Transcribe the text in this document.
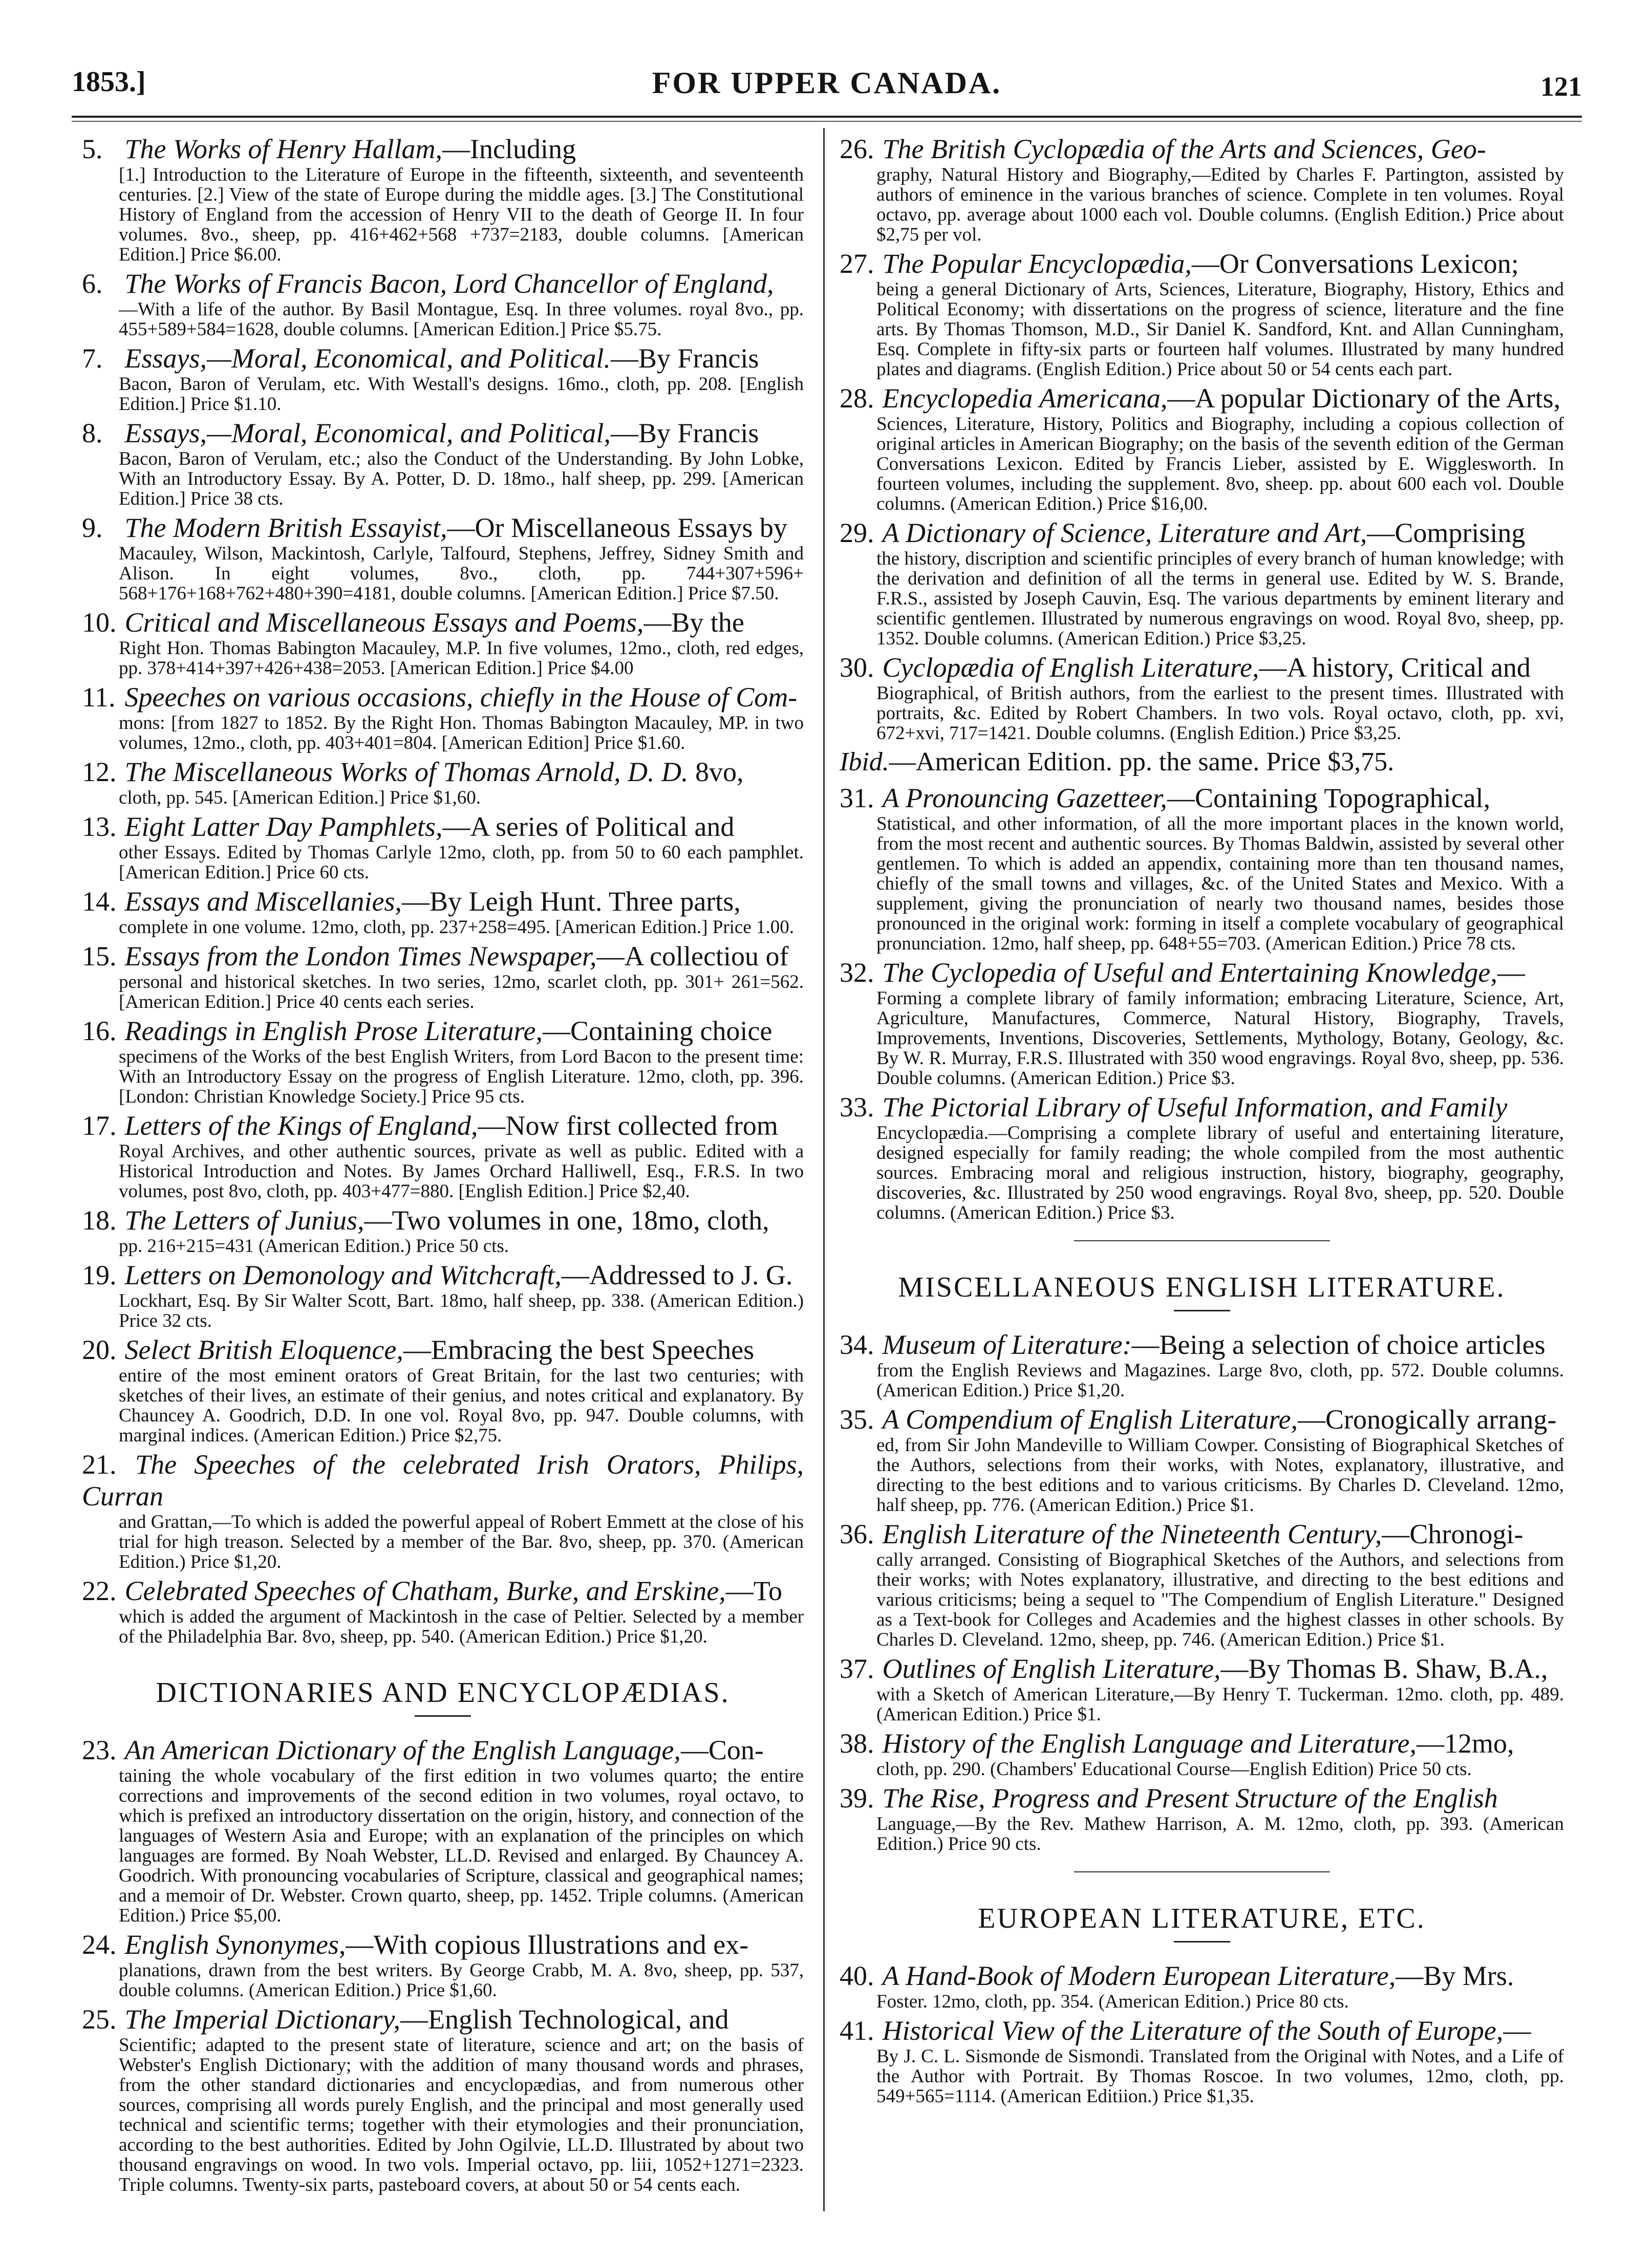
1853.]	FOR UPPER CANADA.	121
5. The Works of Henry Hallam,—Including
[1.] Introduction to the Literature of Europe in the fifteenth, sixteenth, and seventeenth centuries. [2.] View of the state of Europe during the middle ages. [3.] The Constitutional History of England from the accession of Henry VII to the death of George II. In four volumes. 8vo., sheep, pp. 416+462+568 +737=2183, double columns. [American Edition.] Price $6.00.
6. The Works of Francis Bacon, Lord Chancellor of England,
—With a life of the author. By Basil Montague, Esq. In three volumes. royal 8vo., pp. 455+589+584=1628, double columns. [American Edition.] Price $5.75.
7. Essays,—Moral, Economical, and Political.—By Francis
Bacon, Baron of Verulam, etc. With Westall's designs. 16mo., cloth, pp. 208. [English Edition.] Price $1.10.
8. Essays,—Moral, Economical, and Political,—By Francis
Bacon, Baron of Verulam, etc.; also the Conduct of the Understanding. By John Lobke, With an Introductory Essay. By A. Potter, D. D. 18mo., half sheep, pp. 299. [American Edition.] Price 38 cts.
9. The Modern British Essayist,—Or Miscellaneous Essays by
Macauley, Wilson, Mackintosh, Carlyle, Talfourd, Stephens, Jeffrey, Sidney Smith and Alison. In eight volumes, 8vo., cloth, pp. 744+307+596+ 568+176+168+762+480+390=4181, double columns. [American Edition.] Price $7.50.
10. Critical and Miscellaneous Essays and Poems,—By the
Right Hon. Thomas Babington Macauley, M.P. In five volumes, 12mo., cloth, red edges, pp. 378+414+397+426+438=2053. [American Edition.] Price $4.00
11. Speeches on various occasions, chiefly in the House of Com-
mons: [from 1827 to 1852. By the Right Hon. Thomas Babington Macauley, MP. in two volumes, 12mo., cloth, pp. 403+401=804. [American Edition] Price $1.60.
12. The Miscellaneous Works of Thomas Arnold, D. D. 8vo,
cloth, pp. 545. [American Edition.] Price $1,60.
13. Eight Latter Day Pamphlets,—A series of Political and
other Essays. Edited by Thomas Carlyle 12mo, cloth, pp. from 50 to 60 each pamphlet. [American Edition.] Price 60 cts.
14. Essays and Miscellanies,—By Leigh Hunt. Three parts,
complete in one volume. 12mo, cloth, pp. 237+258=495. [American Edition.] Price 1.00.
15. Essays from the London Times Newspaper,—A collectiou of
personal and historical sketches. In two series, 12mo, scarlet cloth, pp. 301+ 261=562. [American Edition.] Price 40 cents each series.
16. Readings in English Prose Literature,—Containing choice
specimens of the Works of the best English Writers, from Lord Bacon to the present time: With an Introductory Essay on the progress of English Literature. 12mo, cloth, pp. 396. [London: Christian Knowledge Society.] Price 95 cts.
17. Letters of the Kings of England,—Now first collected from
Royal Archives, and other authentic sources, private as well as public. Edited with a Historical Introduction and Notes. By James Orchard Halliwell, Esq., F.R.S. In two volumes, post 8vo, cloth, pp. 403+477=880. [English Edition.] Price $2,40.
18. The Letters of Junius,—Two volumes in one, 18mo, cloth,
pp. 216+215=431 (American Edition.) Price 50 cts.
19. Letters on Demonology and Witchcraft,—Addressed to J. G.
Lockhart, Esq. By Sir Walter Scott, Bart. 18mo, half sheep, pp. 338. (American Edition.) Price 32 cts.
20. Select British Eloquence,—Embracing the best Speeches
entire of the most eminent orators of Great Britain, for the last two centuries; with sketches of their lives, an estimate of their genius, and notes critical and explanatory. By Chauncey A. Goodrich, D.D. In one vol. Royal 8vo, pp. 947. Double columns, with marginal indices. (American Edition.) Price $2,75.
21. The Speeches of the celebrated Irish Orators, Philips, Curran
and Grattan,—To which is added the powerful appeal of Robert Emmett at the close of his trial for high treason. Selected by a member of the Bar. 8vo, sheep, pp. 370. (American Edition.) Price $1,20.
22. Celebrated Speeches of Chatham, Burke, and Erskine,—To
which is added the argument of Mackintosh in the case of Peltier. Selected by a member of the Philadelphia Bar. 8vo, sheep, pp. 540. (American Edition.) Price $1,20.
DICTIONARIES AND ENCYCLOPÆDIAS.
23. An American Dictionary of the English Language,—Con-
taining the whole vocabulary of the first edition in two volumes quarto; the entire corrections and improvements of the second edition in two volumes, royal octavo, to which is prefixed an introductory dissertation on the origin, history, and connection of the languages of Western Asia and Europe; with an explanation of the principles on which languages are formed. By Noah Webster, LL.D. Revised and enlarged. By Chauncey A. Goodrich. With pronouncing vocabularies of Scripture, classical and geographical names; and a memoir of Dr. Webster. Crown quarto, sheep, pp. 1452. Triple columns. (American Edition.) Price $5,00.
24. English Synonymes,—With copious Illustrations and ex-
planations, drawn from the best writers. By George Crabb, M. A. 8vo, sheep, pp. 537, double columns. (American Edition.) Price $1,60.
25. The Imperial Dictionary,—English Technological, and
Scientific; adapted to the present state of literature, science and art; on the basis of Webster's English Dictionary; with the addition of many thousand words and phrases, from the other standard dictionaries and encyclopædias, and from numerous other sources, comprising all words purely English, and the principal and most generally used technical and scientific terms; together with their etymologies and their pronunciation, according to the best authorities. Edited by John Ogilvie, LL.D. Illustrated by about two thousand engravings on wood. In two vols. Imperial octavo, pp. liii, 1052+1271=2323. Triple columns. Twenty-six parts, pasteboard covers, at about 50 or 54 cents each.
26. The British Cyclopædia of the Arts and Sciences, Geo-
graphy, Natural History and Biography,—Edited by Charles F. Partington, assisted by authors of eminence in the various branches of science. Complete in ten volumes. Royal octavo, pp. average about 1000 each vol. Double columns. (English Edition.) Price about $2,75 per vol.
27. The Popular Encyclopædia,—Or Conversations Lexicon;
being a general Dictionary of Arts, Sciences, Literature, Biography, History, Ethics and Political Economy; with dissertations on the progress of science, literature and the fine arts. By Thomas Thomson, M.D., Sir Daniel K. Sandford, Knt. and Allan Cunningham, Esq. Complete in fifty-six parts or fourteen half volumes. Illustrated by many hundred plates and diagrams. (English Edition.) Price about 50 or 54 cents each part.
28. Encyclopedia Americana,—A popular Dictionary of the Arts,
Sciences, Literature, History, Politics and Biography, including a copious collection of original articles in American Biography; on the basis of the seventh edition of the German Conversations Lexicon. Edited by Francis Lieber, assisted by E. Wigglesworth. In fourteen volumes, including the supplement. 8vo, sheep. pp. about 600 each vol. Double columns. (American Edition.) Price $16,00.
29. A Dictionary of Science, Literature and Art,—Comprising
the history, discription and scientific principles of every branch of human knowledge; with the derivation and definition of all the terms in general use. Edited by W. S. Brande, F.R.S., assisted by Joseph Cauvin, Esq. The various departments by eminent literary and scientific gentlemen. Illustrated by numerous engravings on wood. Royal 8vo, sheep, pp. 1352. Double columns. (American Edition.) Price $3,25.
30. Cyclopædia of English Literature,—A history, Critical and
Biographical, of British authors, from the earliest to the present times. Illustrated with portraits, &c. Edited by Robert Chambers. In two vols. Royal octavo, cloth, pp. xvi, 672+xvi, 717=1421. Double columns. (English Edition.) Price $3,25.
Ibid.—American Edition. pp. the same. Price $3,75.
31. A Pronouncing Gazetteer,—Containing Topographical,
Statistical, and other information, of all the more important places in the known world, from the most recent and authentic sources. By Thomas Baldwin, assisted by several other gentlemen. To which is added an appendix, containing more than ten thousand names, chiefly of the small towns and villages, &c. of the United States and Mexico. With a supplement, giving the pronunciation of nearly two thousand names, besides those pronounced in the original work: forming in itself a complete vocabulary of geographical pronunciation. 12mo, half sheep, pp. 648+55=703. (American Edition.) Price 78 cts.
32. The Cyclopedia of Useful and Entertaining Knowledge,—
Forming a complete library of family information; embracing Literature, Science, Art, Agriculture, Manufactures, Commerce, Natural History, Biography, Travels, Improvements, Inventions, Discoveries, Settlements, Mythology, Botany, Geology, &c. By W. R. Murray, F.R.S. Illustrated with 350 wood engravings. Royal 8vo, sheep, pp. 536. Double columns. (American Edition.) Price $3.
33. The Pictorial Library of Useful Information, and Family
Encyclopædia.—Comprising a complete library of useful and entertaining literature, designed especially for family reading; the whole compiled from the most authentic sources. Embracing moral and religious instruction, history, biography, geography, discoveries, &c. Illustrated by 250 wood engravings. Royal 8vo, sheep, pp. 520. Double columns. (American Edition.) Price $3.
MISCELLANEOUS ENGLISH LITERATURE.
34. Museum of Literature:—Being a selection of choice articles
from the English Reviews and Magazines. Large 8vo, cloth, pp. 572. Double columns. (American Edition.) Price $1,20.
35. A Compendium of English Literature,—Cronogically arrang-
ed, from Sir John Mandeville to William Cowper. Consisting of Biographical Sketches of the Authors, selections from their works, with Notes, explanatory, illustrative, and directing to the best editions and to various criticisms. By Charles D. Cleveland. 12mo, half sheep, pp. 776. (American Edition.) Price $1.
36. English Literature of the Nineteenth Century,—Chronogi-
cally arranged. Consisting of Biographical Sketches of the Authors, and selections from their works; with Notes explanatory, illustrative, and directing to the best editions and various criticisms; being a sequel to "The Compendium of English Literature." Designed as a Text-book for Colleges and Academies and the highest classes in other schools. By Charles D. Cleveland. 12mo, sheep, pp. 746. (American Edition.) Price $1.
37. Outlines of English Literature,—By Thomas B. Shaw, B.A.,
with a Sketch of American Literature,—By Henry T. Tuckerman. 12mo. cloth, pp. 489. (American Edition.) Price $1.
38. History of the English Language and Literature,—12mo,
cloth, pp. 290. (Chambers' Educational Course—English Edition) Price 50 cts.
39. The Rise, Progress and Present Structure of the English
Language,—By the Rev. Mathew Harrison, A. M. 12mo, cloth, pp. 393. (American Edition.) Price 90 cts.
EUROPEAN LITERATURE, ETC.
40. A Hand-Book of Modern European Literature,—By Mrs.
Foster. 12mo, cloth, pp. 354. (American Edition.) Price 80 cts.
41. Historical View of the Literature of the South of Europe,—
By J. C. L. Sismonde de Sismondi. Translated from the Original with Notes, and a Life of the Author with Portrait. By Thomas Roscoe. In two volumes, 12mo, cloth, pp. 549+565=1114. (American Editiion.) Price $1,35.
